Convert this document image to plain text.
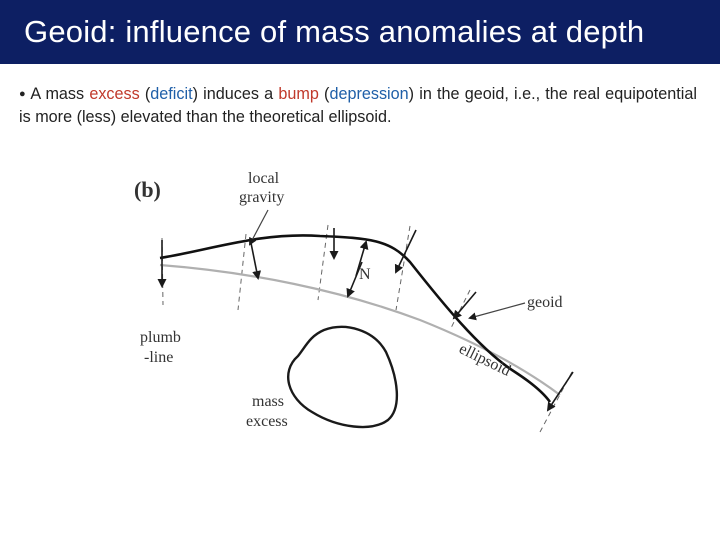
Geoid: influence of mass anomalies at depth
● A mass excess (deficit) induces a bump (depression) in the geoid, i.e., the real equipotential is more (less) elevated than the theoretical ellipsoid.
(b)	local
gravity
N
geoid
ellipsoid
plumb
-line
mass
excess
